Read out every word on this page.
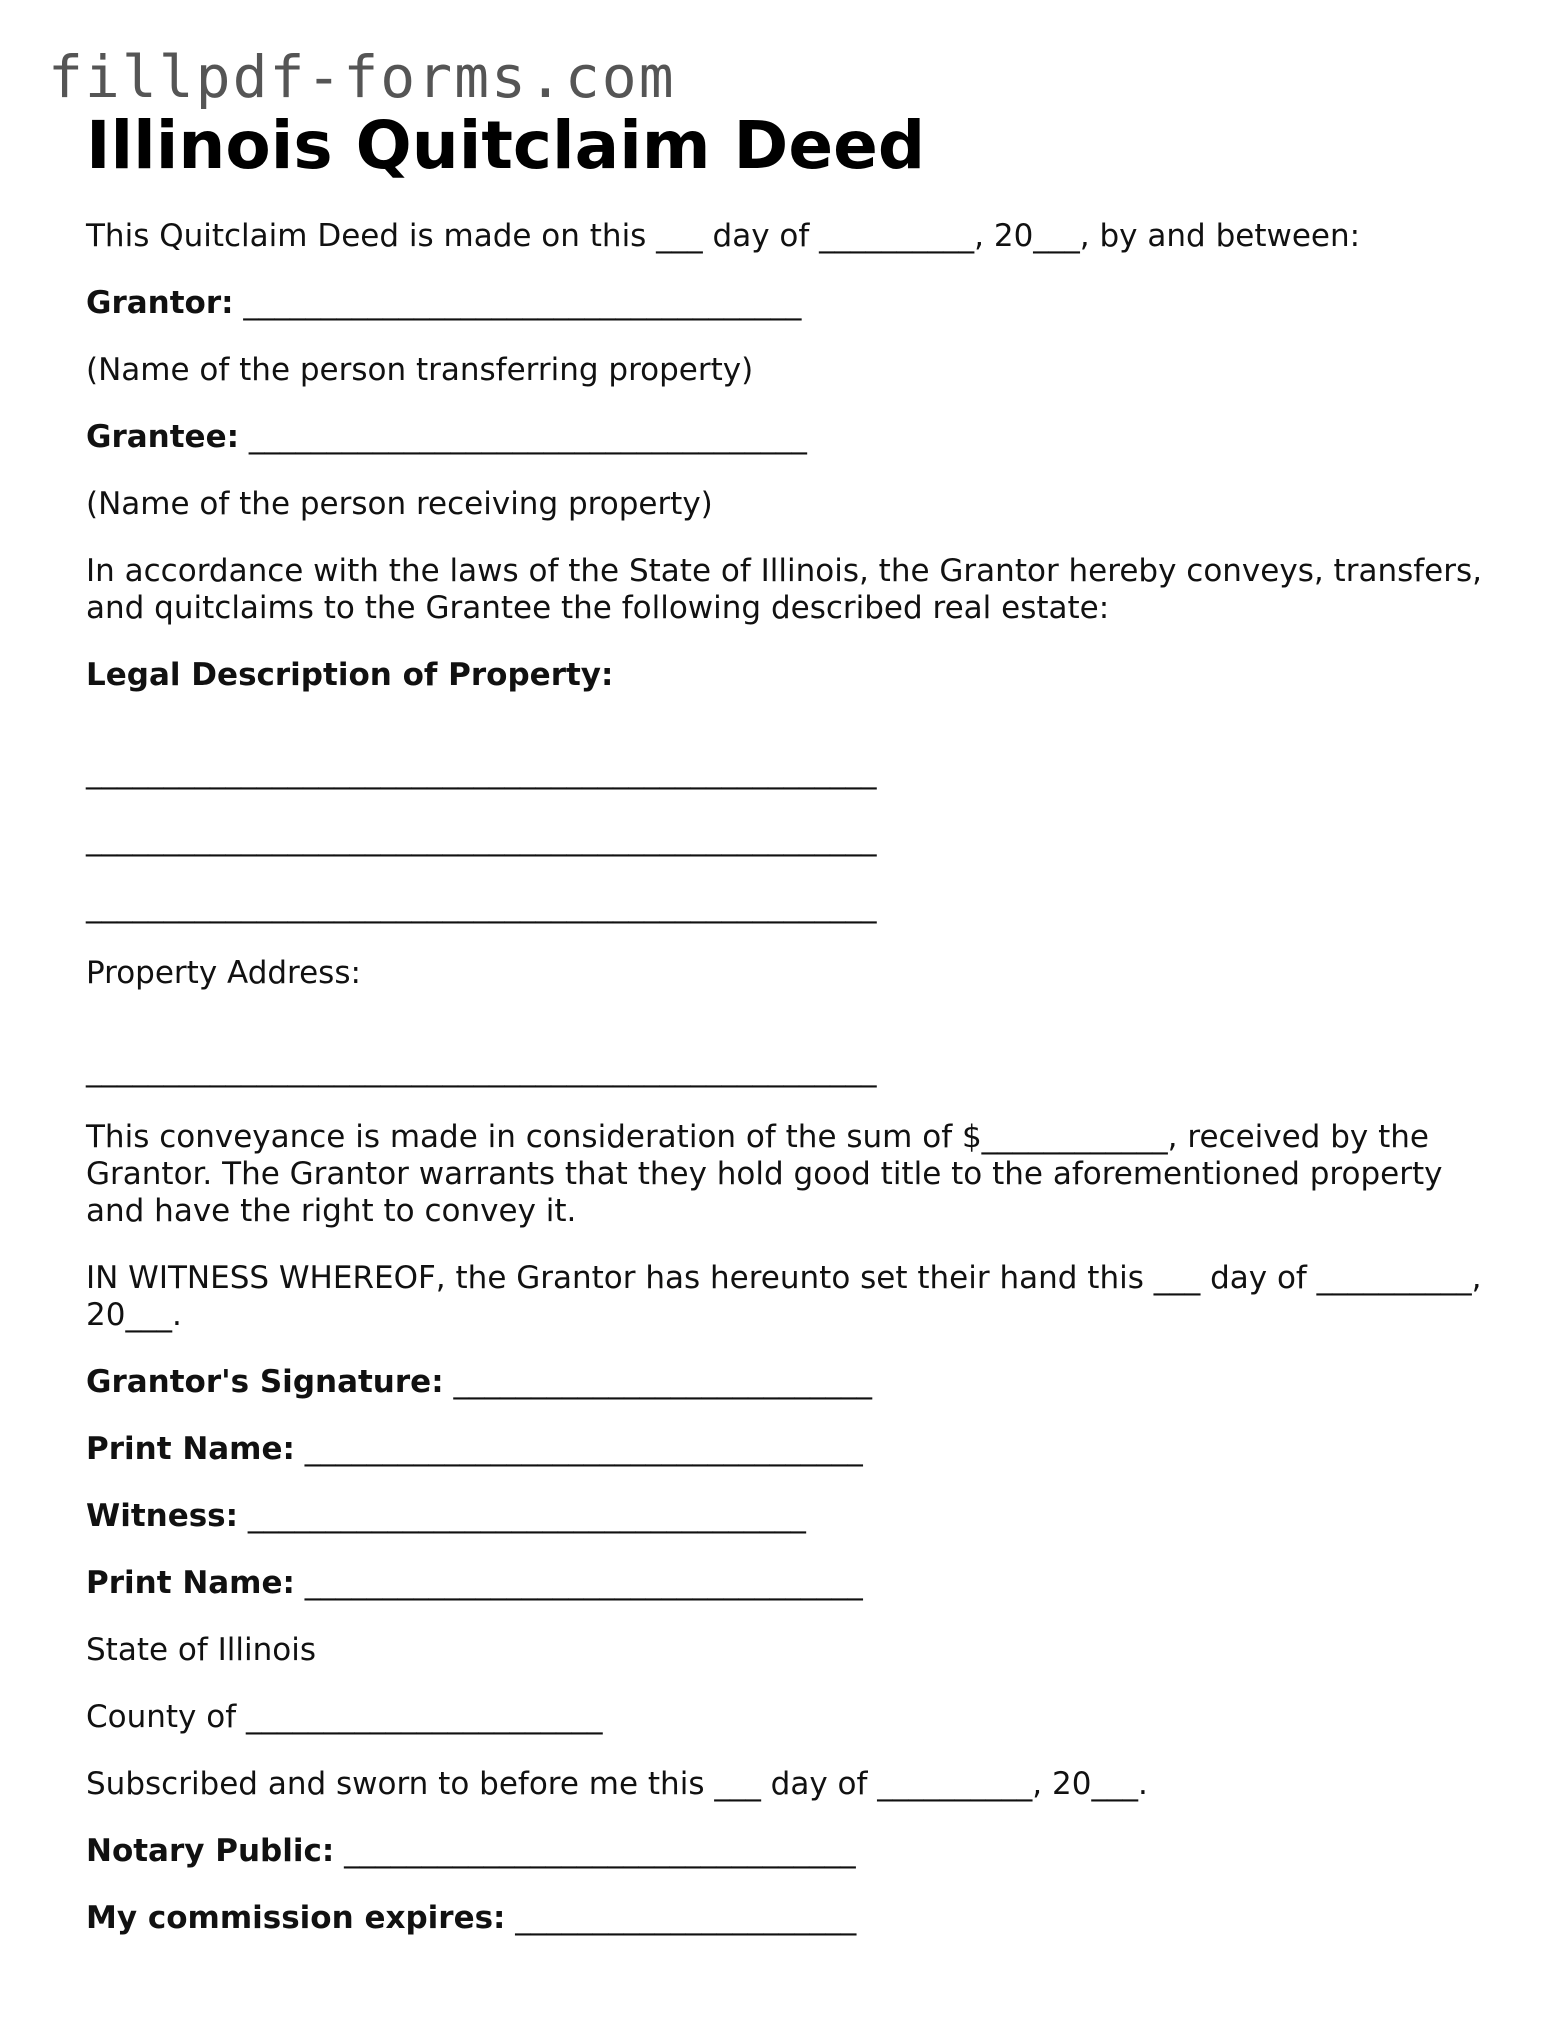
fillpdf-forms.com
Illinois Quitclaim Deed

This Quitclaim Deed is made on this ___ day of __________, 20___, by and between:

Grantor: ____________________________________

(Name of the person transferring property)

Grantee: ____________________________________

(Name of the person receiving property)

In accordance with the laws of the State of Illinois, the Grantor hereby conveys, transfers, and quitclaims to the Grantee the following described real estate:

Legal Description of Property:

___________________________________________________

___________________________________________________

___________________________________________________

Property Address:

___________________________________________________

This conveyance is made in consideration of the sum of $____________, received by the Grantor. The Grantor warrants that they hold good title to the aforementioned property and have the right to convey it.

IN WITNESS WHEREOF, the Grantor has hereunto set their hand this ___ day of __________, 20___.

Grantor's Signature: ___________________________

Print Name: ____________________________________

Witness: ____________________________________

Print Name: ____________________________________

State of Illinois

County of _______________________

Subscribed and sworn to before me this ___ day of __________, 20___.

Notary Public: _________________________________

My commission expires: ______________________
